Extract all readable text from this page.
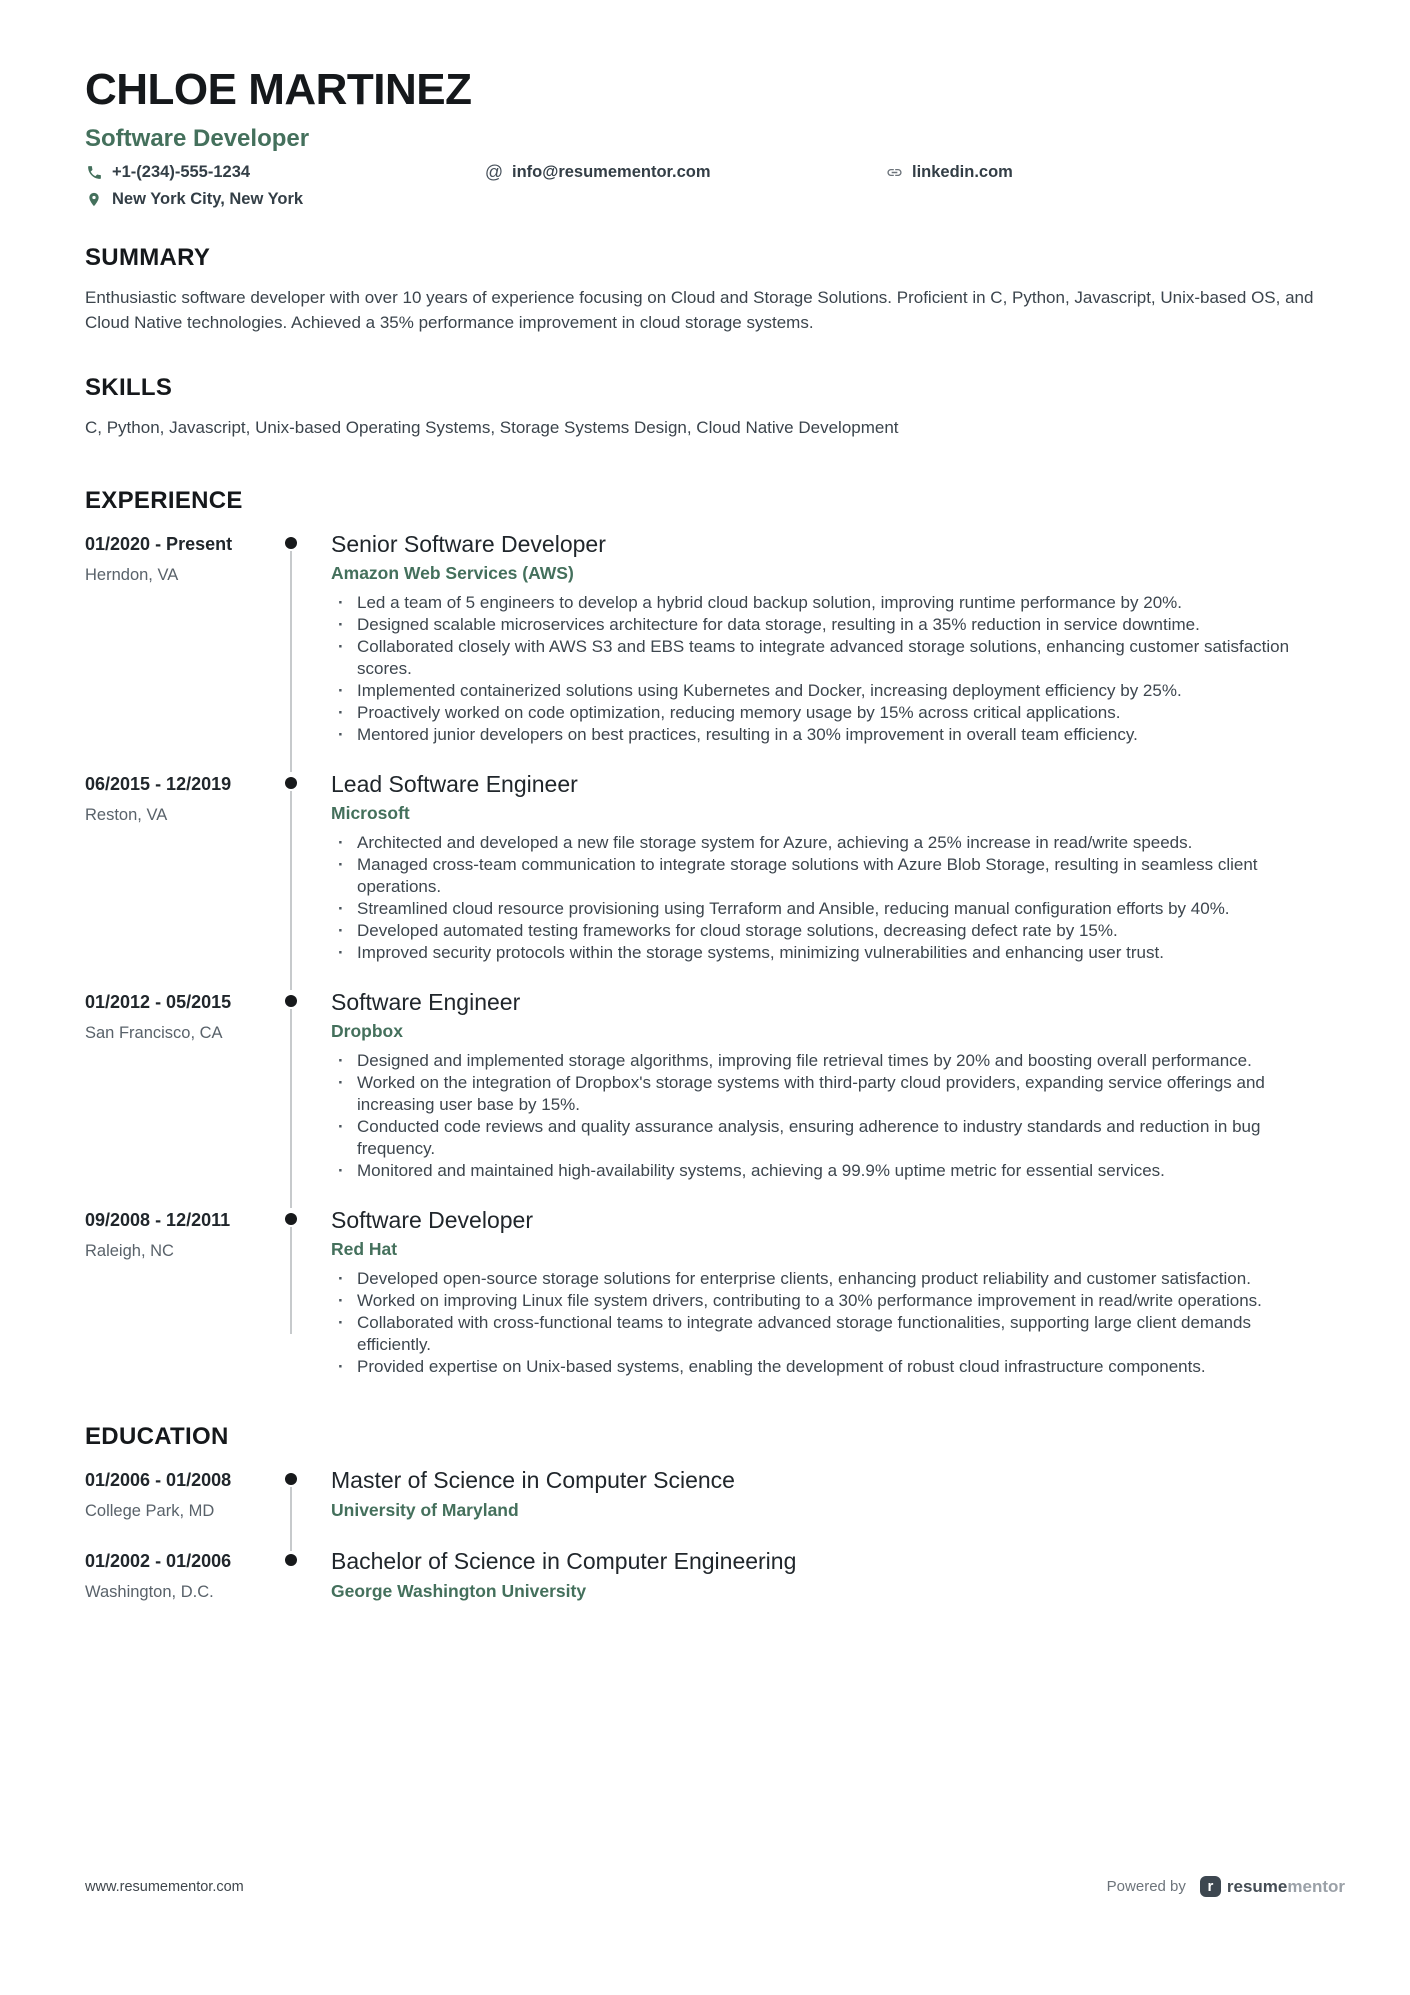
CHLOE MARTINEZ
Software Developer
+1-(234)-555-1234	@ info@resumementor.com	linkedin.com
New York City, New York
SUMMARY

Enthusiastic software developer with over 10 years of experience focusing on Cloud and Storage Solutions. Proficient in C, Python, Javascript, Unix-based OS, and Cloud Native technologies. Achieved a 35% performance improvement in cloud storage systems.

SKILLS

C, Python, Javascript, Unix-based Operating Systems, Storage Systems Design, Cloud Native Development

EXPERIENCE
01/2020 - Present
Herndon, VA
Senior Software Developer
Amazon Web Services (AWS)
· Led a team of 5 engineers to develop a hybrid cloud backup solution, improving runtime performance by 20%.
· Designed scalable microservices architecture for data storage, resulting in a 35% reduction in service downtime.
· Collaborated closely with AWS S3 and EBS teams to integrate advanced storage solutions, enhancing customer satisfaction scores.
· Implemented containerized solutions using Kubernetes and Docker, increasing deployment efficiency by 25%.
· Proactively worked on code optimization, reducing memory usage by 15% across critical applications.
· Mentored junior developers on best practices, resulting in a 30% improvement in overall team efficiency.
06/2015 - 12/2019
Reston, VA
Lead Software Engineer
Microsoft
· Architected and developed a new file storage system for Azure, achieving a 25% increase in read/write speeds.
· Managed cross-team communication to integrate storage solutions with Azure Blob Storage, resulting in seamless client operations.
· Streamlined cloud resource provisioning using Terraform and Ansible, reducing manual configuration efforts by 40%.
· Developed automated testing frameworks for cloud storage solutions, decreasing defect rate by 15%.
· Improved security protocols within the storage systems, minimizing vulnerabilities and enhancing user trust.
01/2012 - 05/2015
San Francisco, CA
Software Engineer
Dropbox
· Designed and implemented storage algorithms, improving file retrieval times by 20% and boosting overall performance.
· Worked on the integration of Dropbox's storage systems with third-party cloud providers, expanding service offerings and increasing user base by 15%.
· Conducted code reviews and quality assurance analysis, ensuring adherence to industry standards and reduction in bug frequency.
· Monitored and maintained high-availability systems, achieving a 99.9% uptime metric for essential services.
09/2008 - 12/2011
Raleigh, NC
Software Developer
Red Hat
· Developed open-source storage solutions for enterprise clients, enhancing product reliability and customer satisfaction.
· Worked on improving Linux file system drivers, contributing to a 30% performance improvement in read/write operations.
· Collaborated with cross-functional teams to integrate advanced storage functionalities, supporting large client demands efficiently.
· Provided expertise on Unix-based systems, enabling the development of robust cloud infrastructure components.
EDUCATION
01/2006 - 01/2008
College Park, MD
Master of Science in Computer Science
University of Maryland
01/2002 - 01/2006
Washington, D.C.
Bachelor of Science in Computer Engineering
George Washington University
www.resumementor.com	Powered by	r resumementor
